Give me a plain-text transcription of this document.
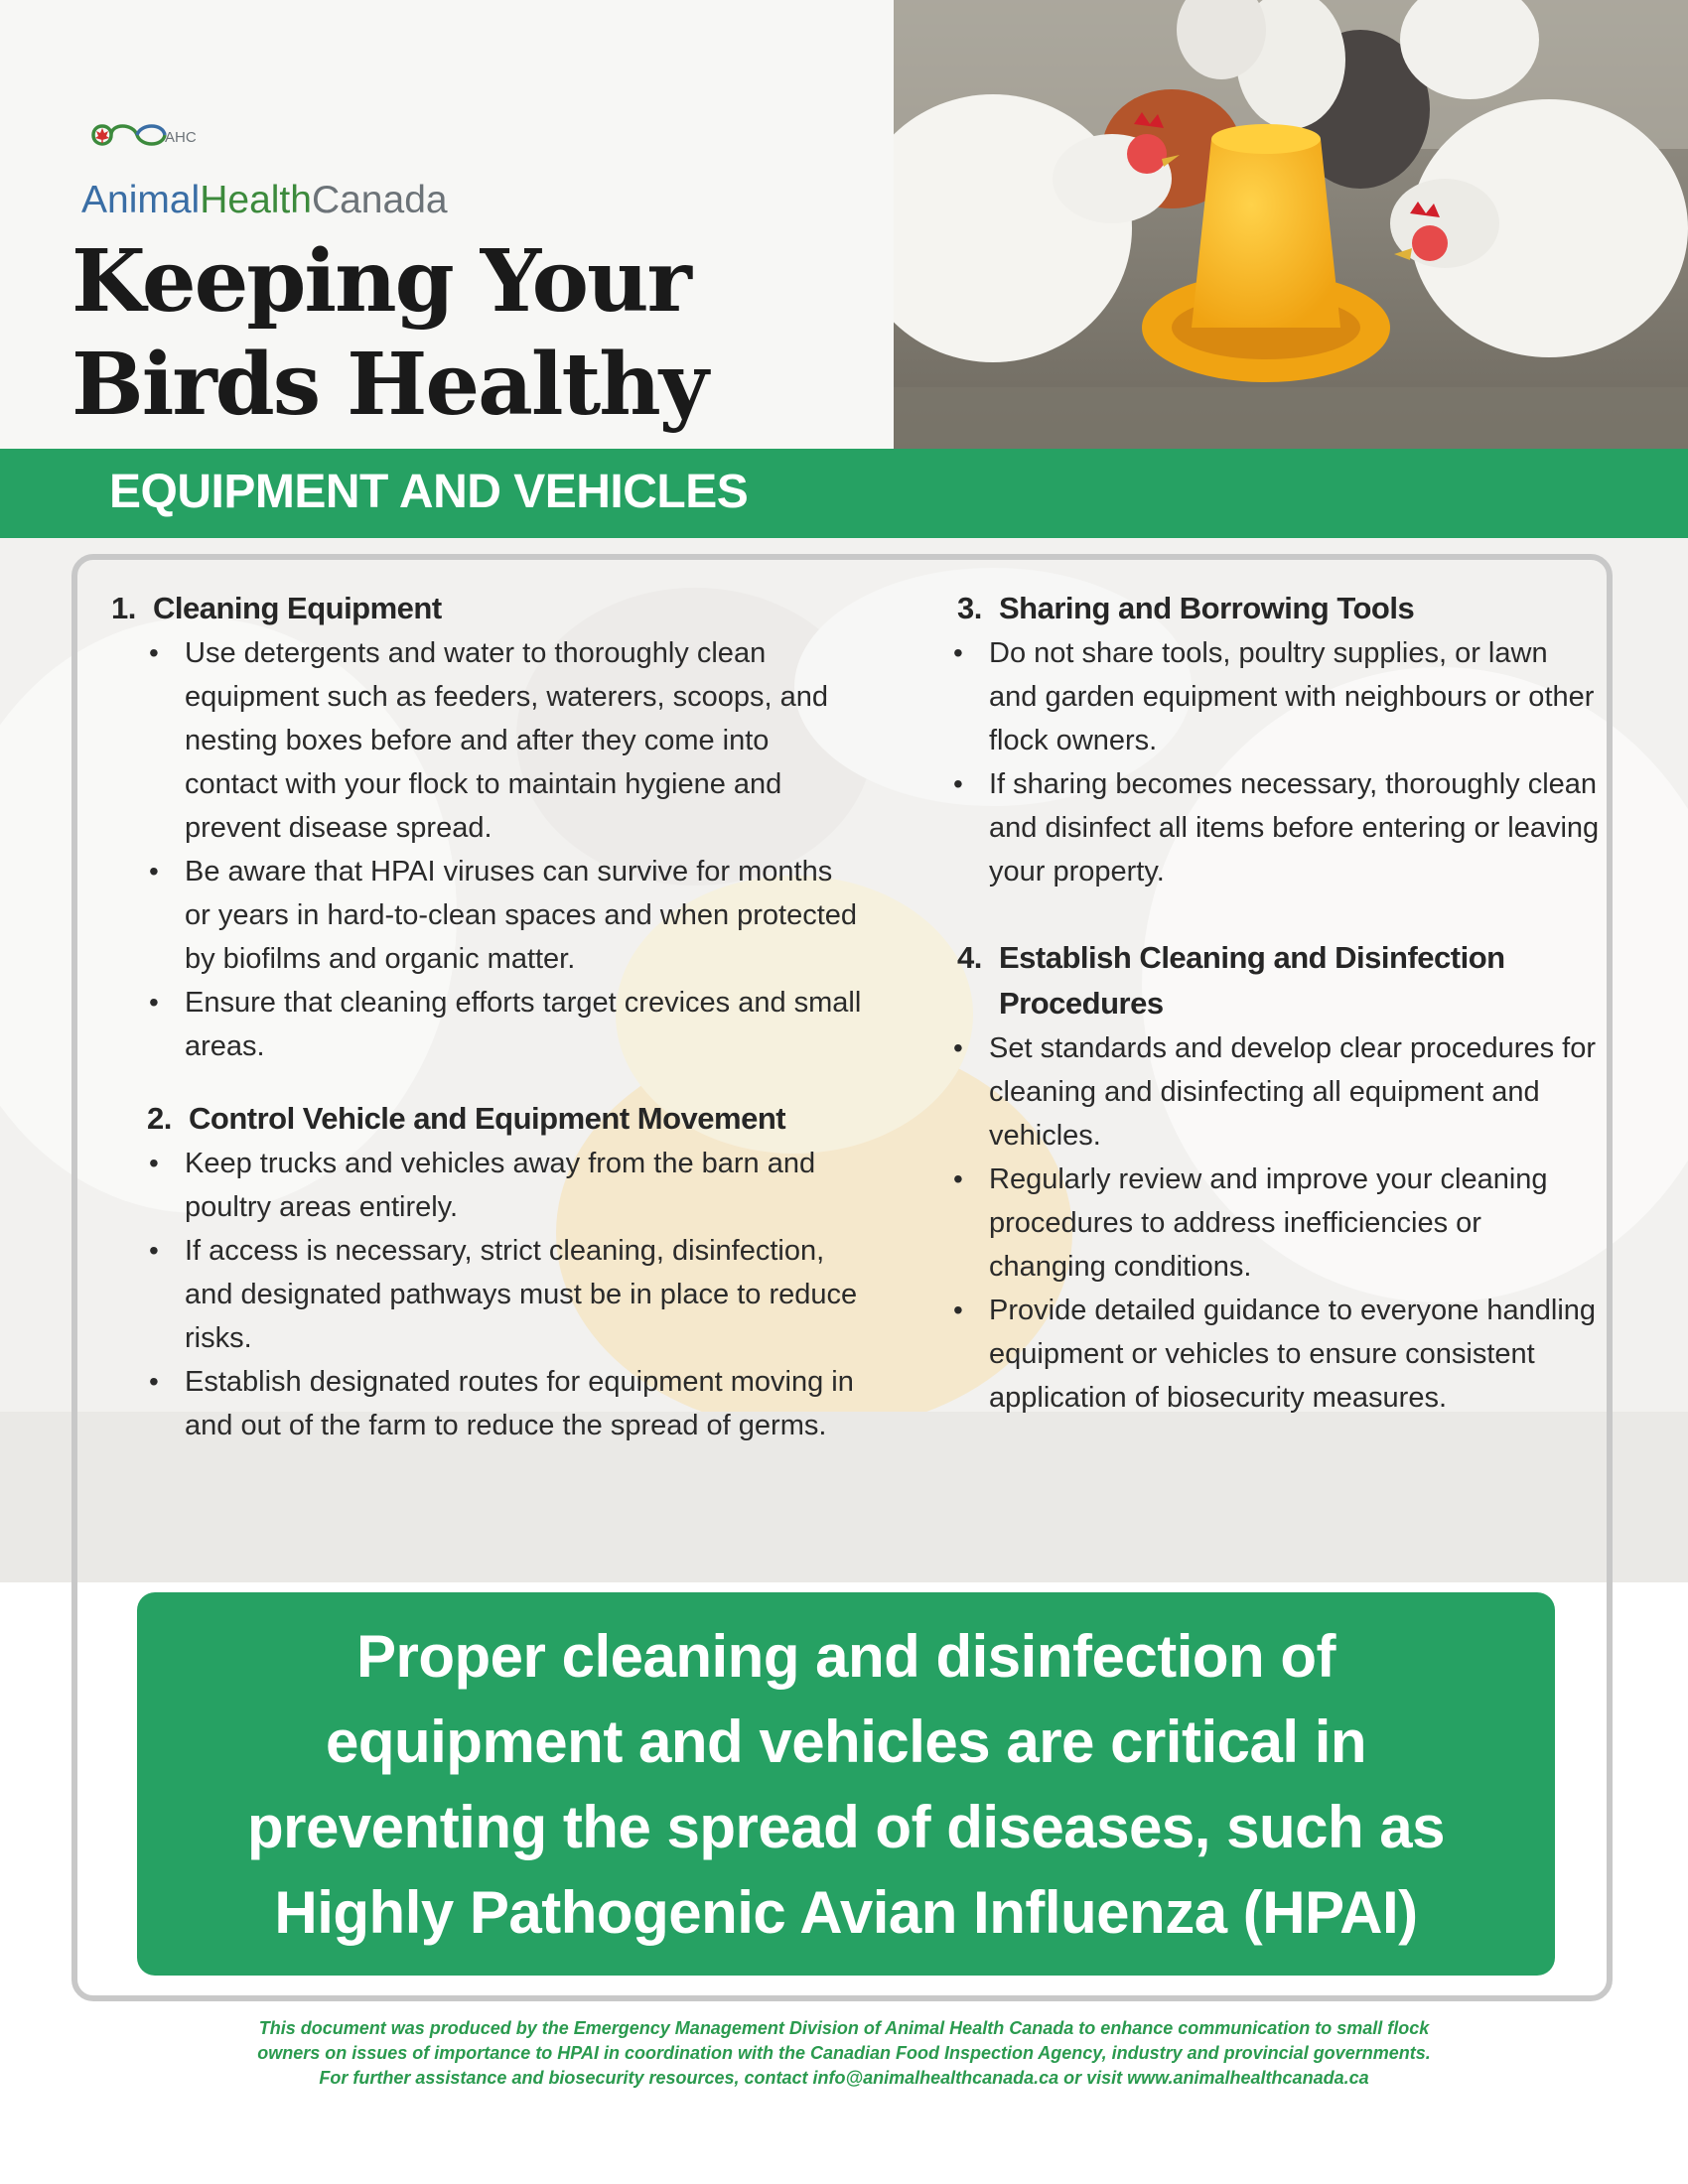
AHC
AnimalHealthCanada
Keeping Your
Birds Healthy
EQUIPMENT AND VEHICLES
1. Cleaning Equipment
• Use detergents and water to thoroughly clean equipment such as feeders, waterers, scoops, and nesting boxes before and after they come into contact with your flock to maintain hygiene and prevent disease spread.
• Be aware that HPAI viruses can survive for months or years in hard-to-clean spaces and when protected by biofilms and organic matter.
• Ensure that cleaning efforts target crevices and small areas.
2. Control Vehicle and Equipment Movement
• Keep trucks and vehicles away from the barn and poultry areas entirely.
• If access is necessary, strict cleaning, disinfection, and designated pathways must be in place to reduce risks.
• Establish designated routes for equipment moving in and out of the farm to reduce the spread of germs.
3. Sharing and Borrowing Tools
• Do not share tools, poultry supplies, or lawn and garden equipment with neighbours or other flock owners.
• If sharing becomes necessary, thoroughly clean and disinfect all items before entering or leaving your property.
4. Establish Cleaning and Disinfection Procedures
• Set standards and develop clear procedures for cleaning and disinfecting all equipment and vehicles.
• Regularly review and improve your cleaning procedures to address inefficiencies or changing conditions.
• Provide detailed guidance to everyone handling equipment or vehicles to ensure consistent application of biosecurity measures.

Proper cleaning and disinfection of
equipment and vehicles are critical in
preventing the spread of diseases, such as
Highly Pathogenic Avian Influenza (HPAI)

This document was produced by the Emergency Management Division of Animal Health Canada to enhance communication to small flock
owners on issues of importance to HPAI in coordination with the Canadian Food Inspection Agency, industry and provincial governments.
For further assistance and biosecurity resources, contact info@animalhealthcanada.ca or visit www.animalhealthcanada.ca
